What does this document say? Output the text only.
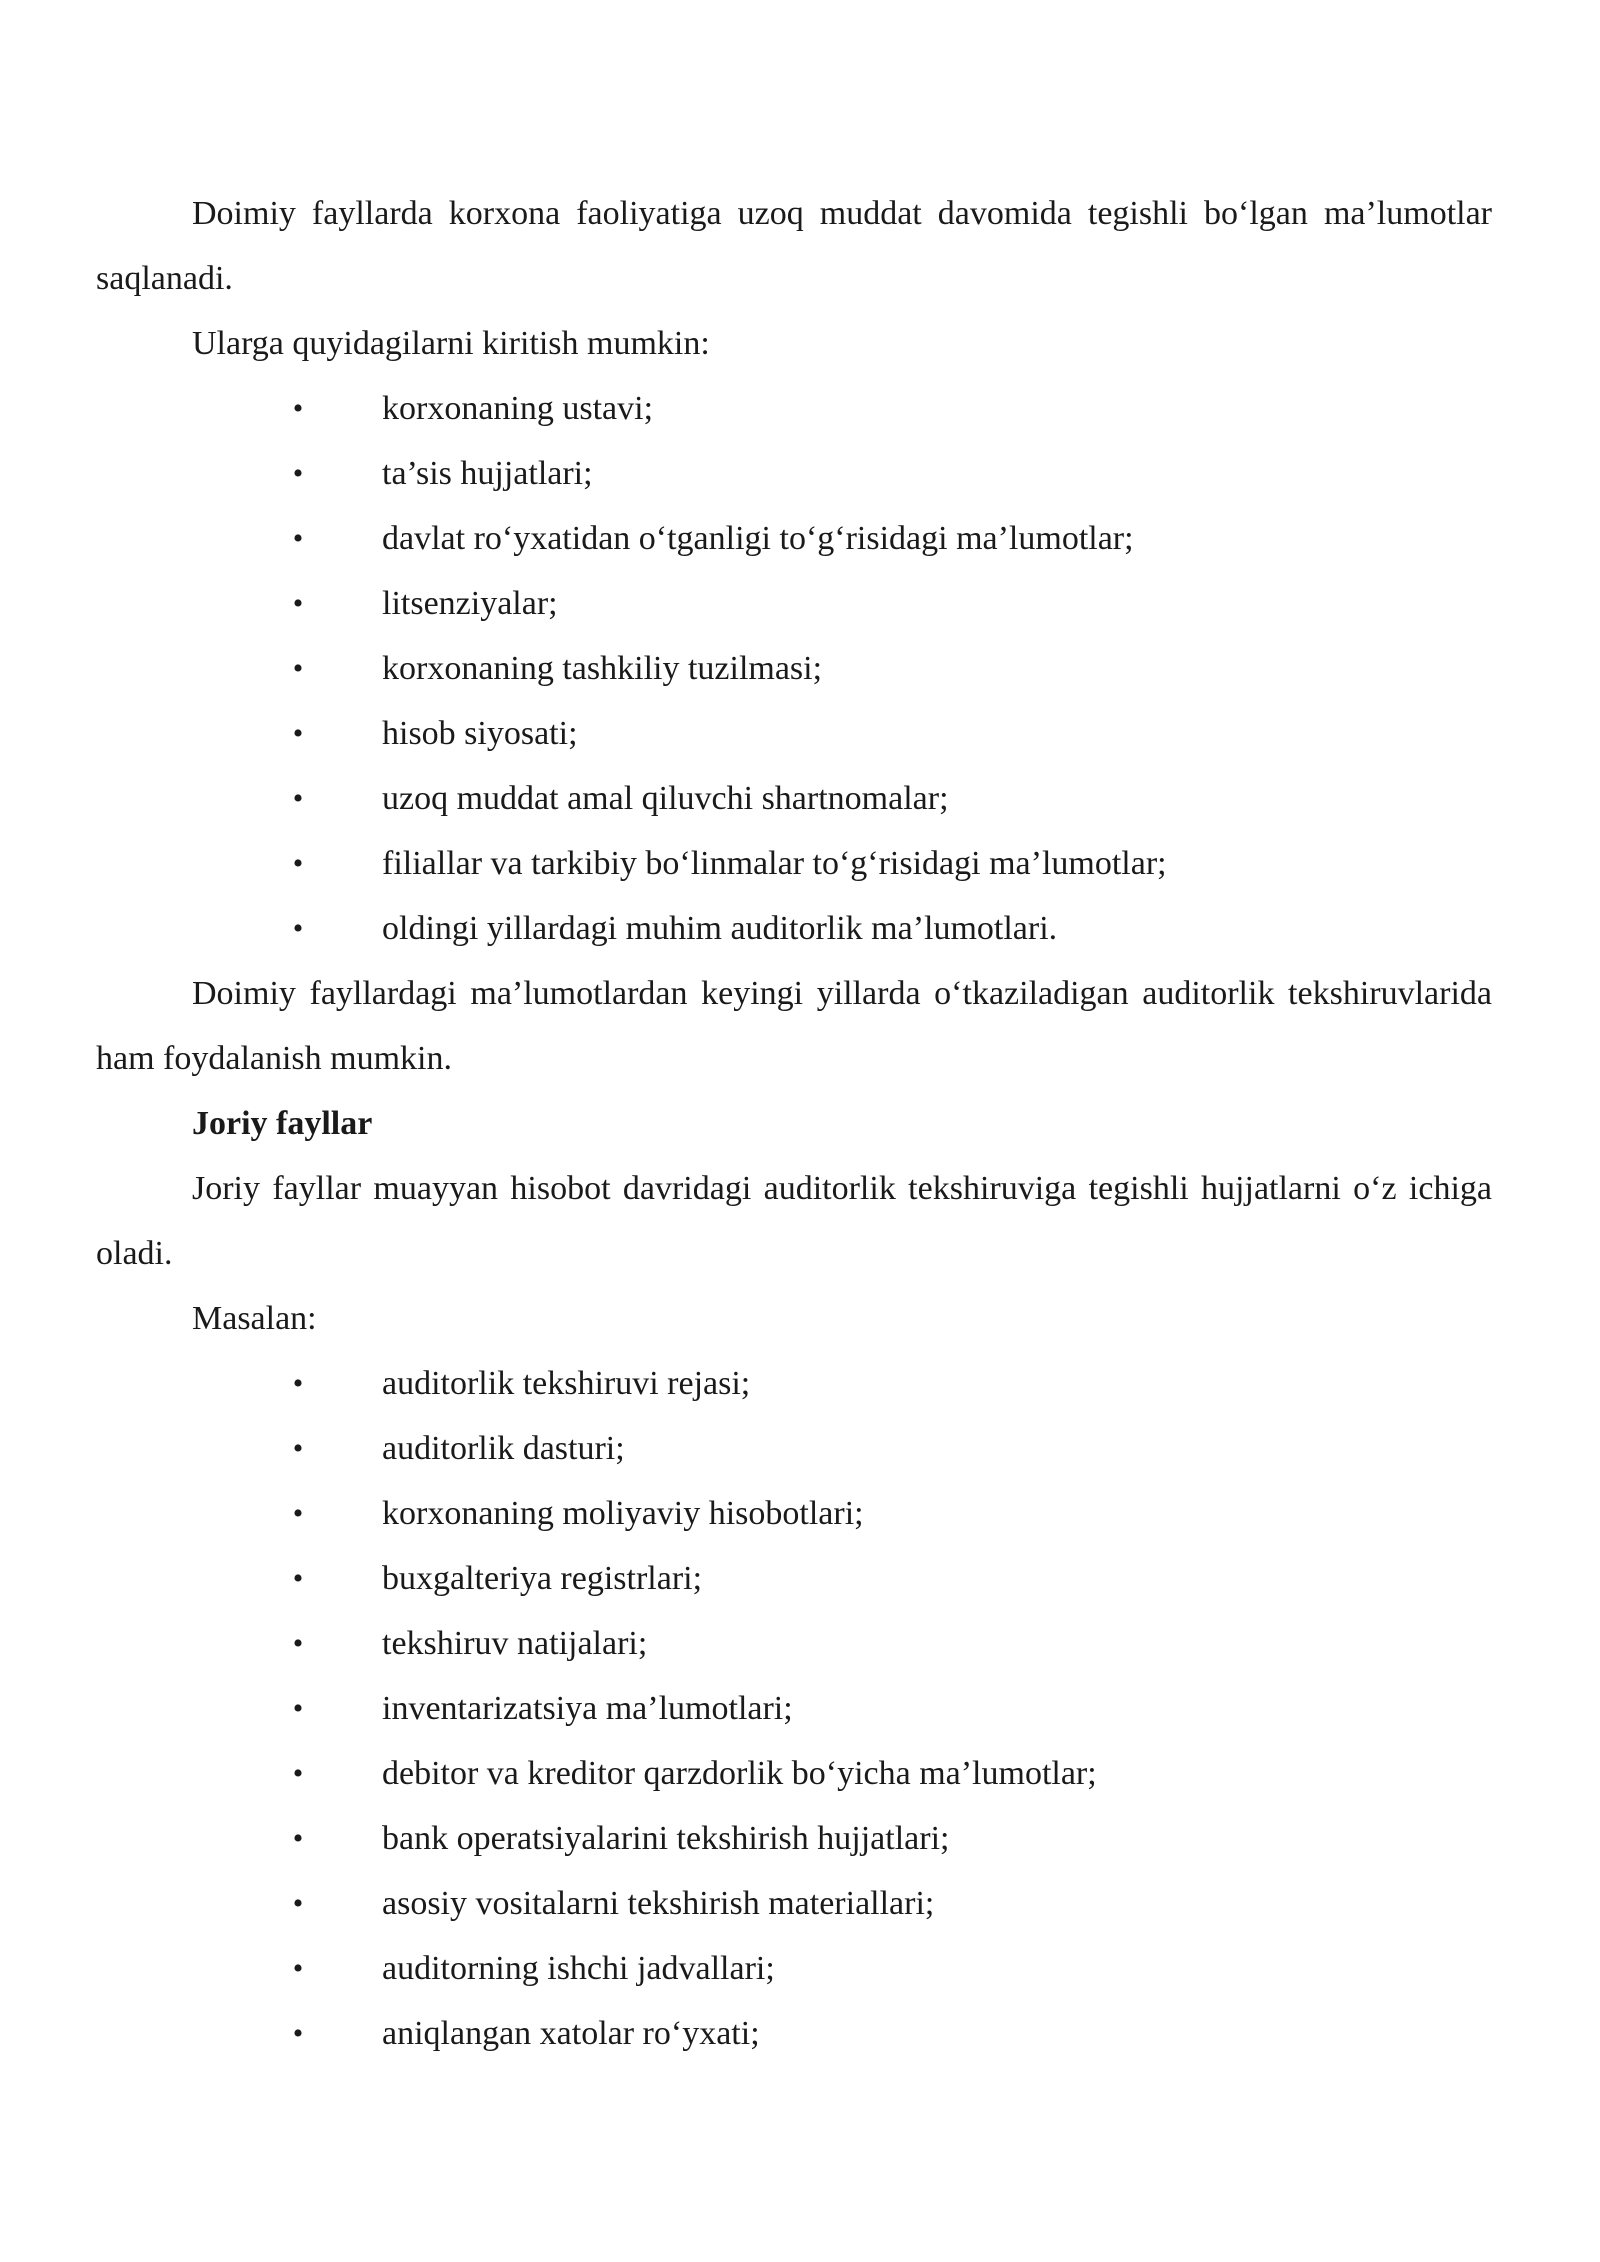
Doimiy fayllarda korxona faoliyatiga uzoq muddat davomida tegishli bo‘lgan ma’lumotlar saqlanadi.

Ularga quyidagilarni kiritish mumkin:

• korxonaning ustavi;
• ta’sis hujjatlari;
• davlat ro‘yxatidan o‘tganligi to‘g‘risidagi ma’lumotlar;
• litsenziyalar;
• korxonaning tashkiliy tuzilmasi;
• hisob siyosati;
• uzoq muddat amal qiluvchi shartnomalar;
• filiallar va tarkibiy bo‘linmalar to‘g‘risidagi ma’lumotlar;
• oldingi yillardagi muhim auditorlik ma’lumotlari.

Doimiy fayllardagi ma’lumotlardan keyingi yillarda o‘tkaziladigan auditorlik tekshiruvlarida ham foydalanish mumkin.

Joriy fayllar

Joriy fayllar muayyan hisobot davridagi auditorlik tekshiruviga tegishli hujjatlarni o‘z ichiga oladi.

Masalan:

• auditorlik tekshiruvi rejasi;
• auditorlik dasturi;
• korxonaning moliyaviy hisobotlari;
• buxgalteriya registrlari;
• tekshiruv natijalari;
• inventarizatsiya ma’lumotlari;
• debitor va kreditor qarzdorlik bo‘yicha ma’lumotlar;
• bank operatsiyalarini tekshirish hujjatlari;
• asosiy vositalarni tekshirish materiallari;
• auditorning ishchi jadvallari;
• aniqlangan xatolar ro‘yxati;
